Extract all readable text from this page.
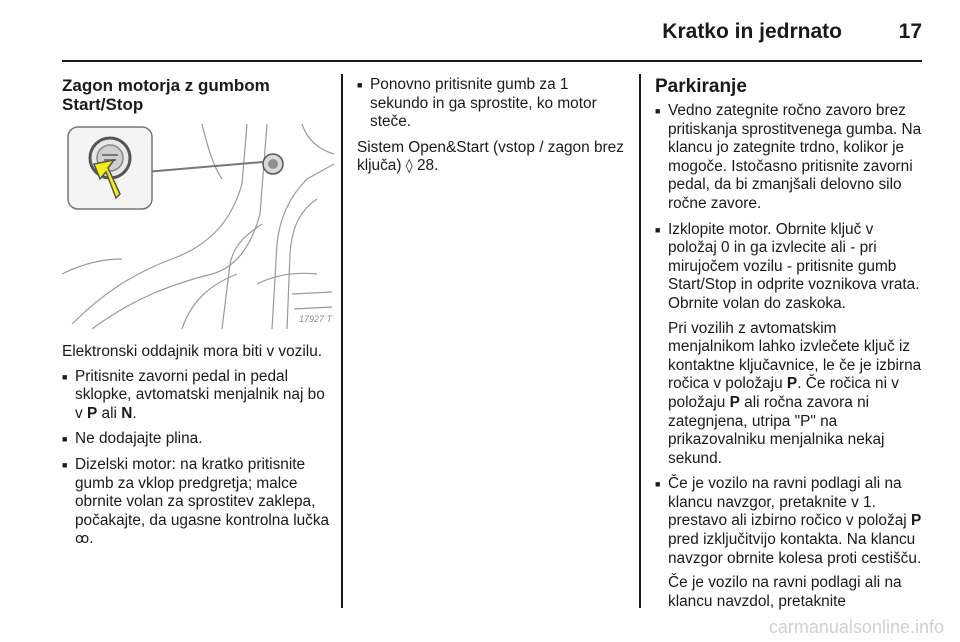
Kratko in jedrnato	17
Zagon motorja z gumbom Start/Stop
17927 T

Elektronski oddajnik mora biti v vozilu.

■ Pritisnite zavorni pedal in pedal sklopke, avtomatski menjalnik naj bo v P ali N.
■ Ne dodajajte plina.
■ Dizelski motor: na kratko pritisnite gumb za vklop predgretja; malce obrnite volan za sprostitev zaklepa, počakajte, da ugasne kontrolna lučka ꝏ.
■ Ponovno pritisnite gumb za 1 sekundo in ga sprostite, ko motor steče.

Sistem Open&Start (vstop / zagon brez ključa) ◊ 28.

Parkiranje
■ Vedno zategnite ročno zavoro brez pritiskanja sprostitvenega gumba. Na klancu jo zategnite trdno, kolikor je mogoče. Istočasno pritisnite zavorni pedal, da bi zmanjšali delovno silo ročne zavore.
■ Izklopite motor. Obrnite ključ v položaj 0 in ga izvlecite ali - pri mirujočem vozilu - pritisnite gumb Start/Stop in odprite voznikova vrata. Obrnite volan do zaskoka.
Pri vozilih z avtomatskim menjalnikom lahko izvlečete ključ iz kontaktne ključavnice, le če je izbirna ročica v položaju P. Če ročica ni v položaju P ali ročna zavora ni zategnjena, utripa "P" na prikazovalniku menjalnika nekaj sekund.
■ Če je vozilo na ravni podlagi ali na klancu navzgor, pretaknite v 1. prestavo ali izbirno ročico v položaj P pred izključitvijo kontakta. Na klancu navzgor obrnite kolesa proti cestišču.
Če je vozilo na ravni podlagi ali na klancu navzdol, pretaknite
carmanualsonline.info
